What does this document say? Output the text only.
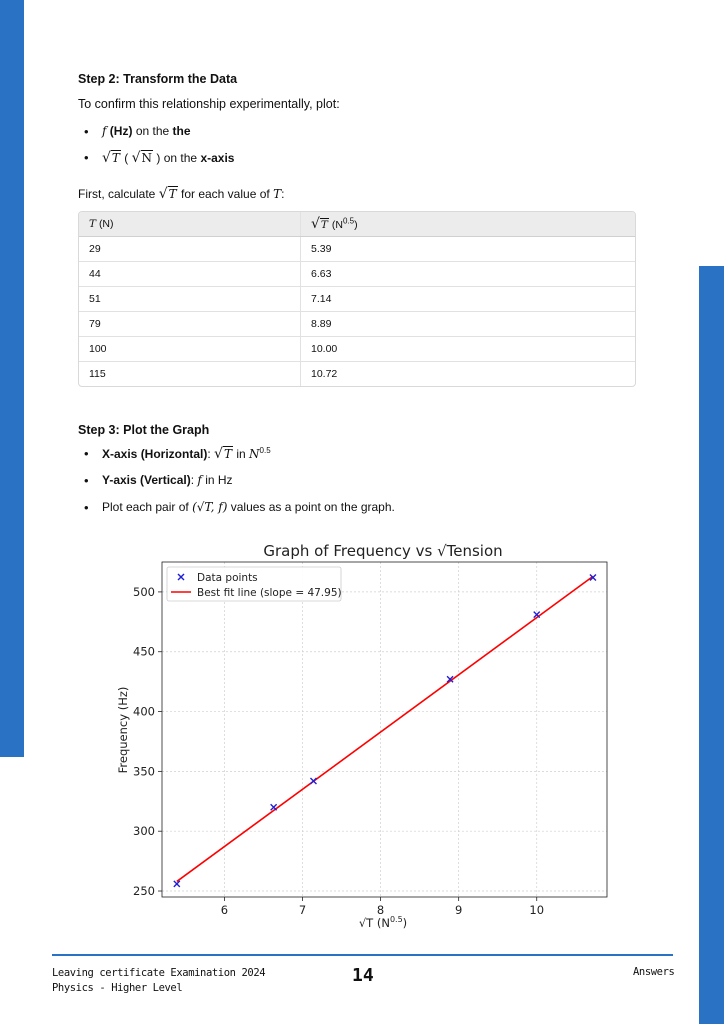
Step 2: Transform the Data
To confirm this relationship experimentally, plot:
• f (Hz) on the the
• √T ( √N ) on the x-axis
First, calculate √T for each value of T:
T (N)	√T $(N^{0.5})$
29	5.39
44	6.63
51	7.14
79	8.89
100	10.00
115	10.72
Step 3: Plot the Graph
• X-axis (Horizontal): √T in $N^{0.5}$
• Y-axis (Vertical): f in Hz
• Plot each pair of (√T, f) values as a point on the graph.
Graph of Frequency vs √Tension
6	7	8	9	10
250
300
350
400
450
500
Data points
Best fit line (slope = 47.95)
√T $(N^{0.5})$
Frequency (Hz)
Leaving certificate Examination 2024
Physics - Higher Level
14	Answers
